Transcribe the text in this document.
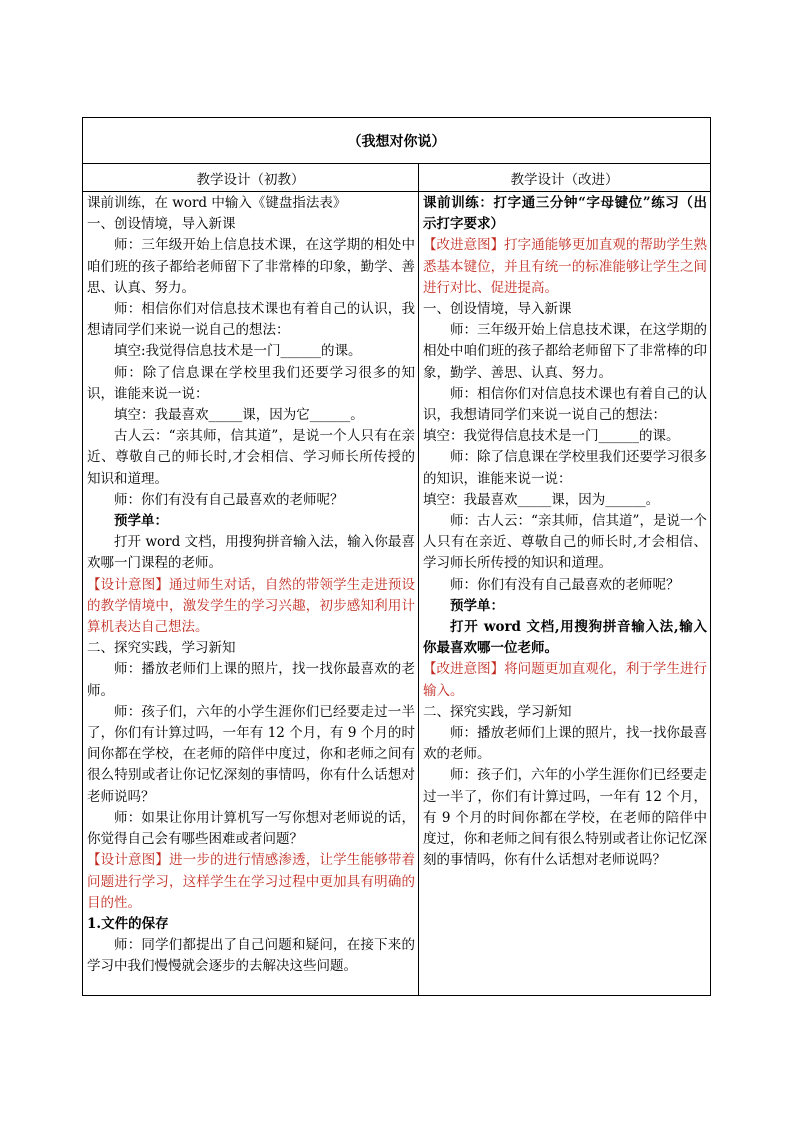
（我想对你说）
教学设计（初教）	教学设计（改进）

课前训练，在 word 中输入《键盘指法表》

一、创设情境，导入新课

师：三年级开始上信息技术课，在这学期的相处中咱们班的孩子都给老师留下了非常棒的印象，勤学、善思、认真、努力。

师：相信你们对信息技术课也有着自己的认识，我想请同学们来说一说自己的想法：

填空:我觉得信息技术是一门______的课。

师：除了信息课在学校里我们还要学习很多的知识，谁能来说一说：

填空：我最喜欢_____课，因为它______。

古人云：“亲其师，信其道”，是说一个人只有在亲近、尊敬自己的师长时,才会相信、学习师长所传授的知识和道理。

师：你们有没有自己最喜欢的老师呢？

预学单：

打开 word 文档，用搜狗拼音输入法，输入你最喜欢哪一门课程的老师。

【设计意图】通过师生对话，自然的带领学生走进预设的教学情境中，激发学生的学习兴趣，初步感知利用计算机表达自己想法。

二、探究实践，学习新知

师：播放老师们上课的照片，找一找你最喜欢的老师。

师：孩子们，六年的小学生涯你们已经要走过一半了，你们有计算过吗，一年有 12 个月，有 9 个月的时间你都在学校，在老师的陪伴中度过，你和老师之间有很么特别或者让你记忆深刻的事情吗，你有什么话想对老师说吗？

师：如果让你用计算机写一写你想对老师说的话，你觉得自己会有哪些困难或者问题？

【设计意图】进一步的进行情感渗透，让学生能够带着问题进行学习，这样学生在学习过程中更加具有明确的目的性。

1.文件的保存

师：同学们都提出了自己问题和疑问，在接下来的学习中我们慢慢就会逐步的去解决这些问题。

课前训练：打字通三分钟“字母键位”练习（出示打字要求）

【改进意图】打字通能够更加直观的帮助学生熟悉基本键位，并且有统一的标准能够让学生之间进行对比、促进提高。

一、创设情境，导入新课

师：三年级开始上信息技术课，在这学期的相处中咱们班的孩子都给老师留下了非常棒的印象，勤学、善思、认真、努力。

师：相信你们对信息技术课也有着自己的认识，我想请同学们来说一说自己的想法：

填空：我觉得信息技术是一门______的课。

师：除了信息课在学校里我们还要学习很多的知识，谁能来说一说：

填空：我最喜欢_____课，因为______。

师：古人云：“亲其师，信其道”，是说一个人只有在亲近、尊敬自己的师长时,才会相信、学习师长所传授的知识和道理。

师：你们有没有自己最喜欢的老师呢？

预学单：

打开 word 文档,用搜狗拼音输入法,输入你最喜欢哪一位老师。

【改进意图】将问题更加直观化，利于学生进行输入。

二、探究实践，学习新知

师：播放老师们上课的照片，找一找你最喜欢的老师。

师：孩子们，六年的小学生涯你们已经要走过一半了，你们有计算过吗，一年有 12 个月，有 9 个月的时间你都在学校，在老师的陪伴中度过，你和老师之间有很么特别或者让你记忆深刻的事情吗，你有什么话想对老师说吗？
